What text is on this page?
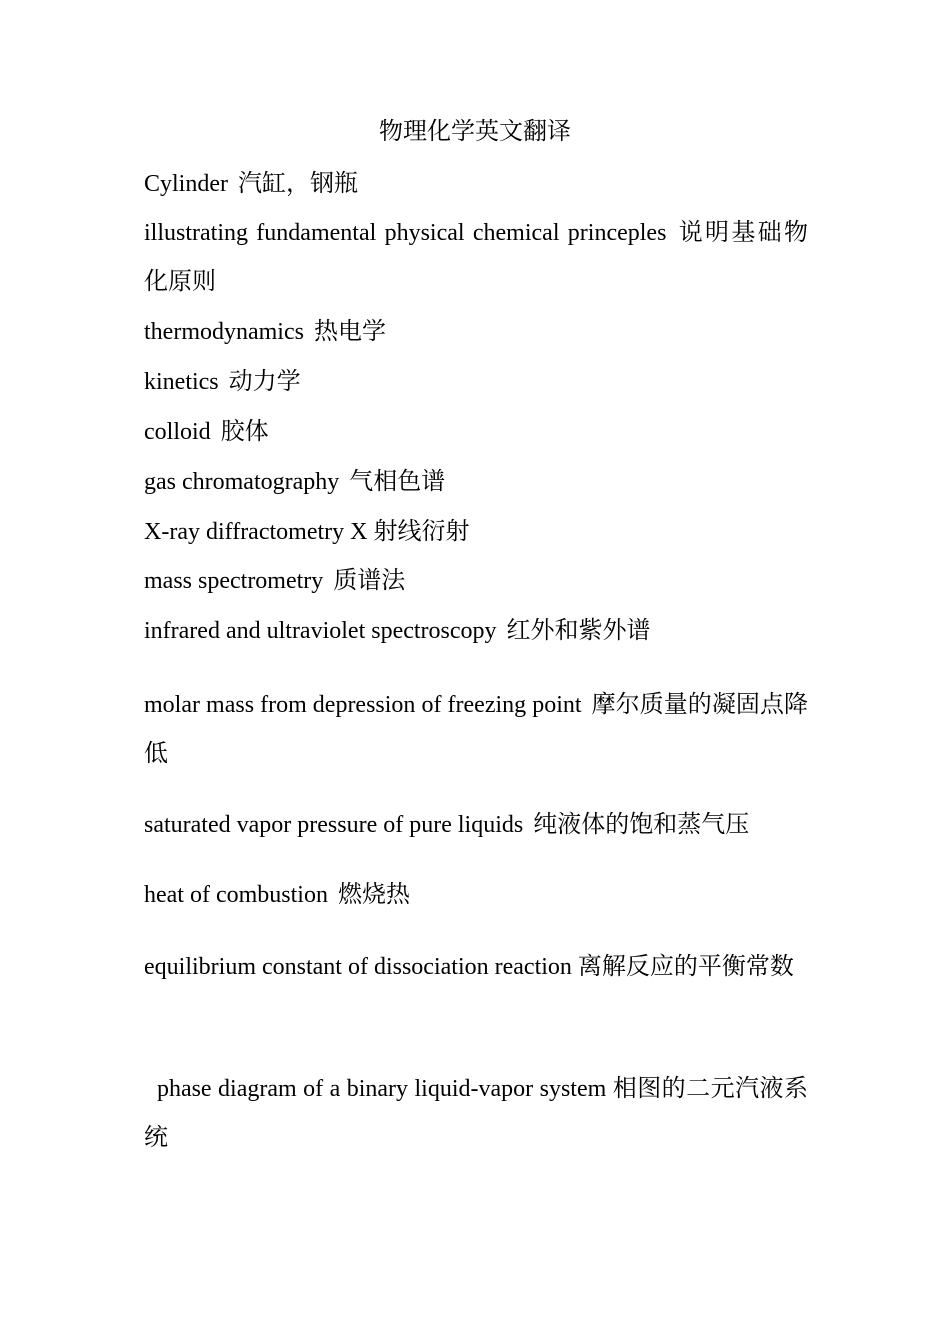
物理化学英文翻译
Cylinder 汽缸，钢瓶
illustrating fundamental physical chemical princeples 说明基础物化原则
thermodynamics 热电学
kinetics 动力学
colloid 胶体
gas chromatography 气相色谱
X-ray diffractometry X 射线衍射
mass spectrometry 质谱法
infrared and ultraviolet spectroscopy 红外和紫外谱
molar mass from depression of freezing point 摩尔质量的凝固点降低
saturated vapor pressure of pure liquids 纯液体的饱和蒸气压
heat of combustion 燃烧热
equilibrium constant of dissociation reaction 离解反应的平衡常数
phase diagram of a binary liquid-vapor system 相图的二元汽液系统
